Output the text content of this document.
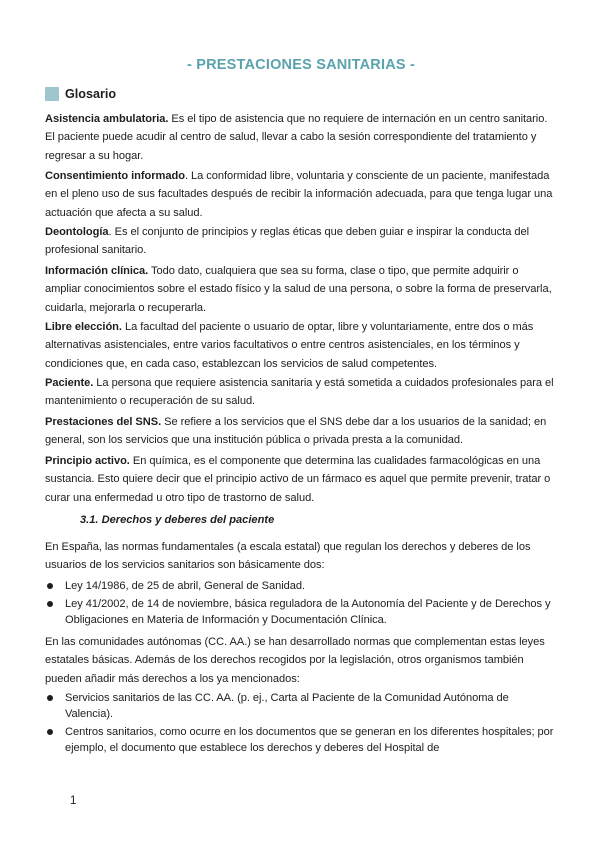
- PRESTACIONES SANITARIAS -
Glosario

Asistencia ambulatoria. Es el tipo de asistencia que no requiere de internación en un centro sanitario. El paciente puede acudir al centro de salud, llevar a cabo la sesión correspondiente del tratamiento y regresar a su hogar.

Consentimiento informado. La conformidad libre, voluntaria y consciente de un paciente, manifestada en el pleno uso de sus facultades después de recibir la información adecuada, para que tenga lugar una actuación que afecta a su salud.

Deontología. Es el conjunto de principios y reglas éticas que deben guiar e inspirar la conducta del profesional sanitario.

Información clínica. Todo dato, cualquiera que sea su forma, clase o tipo, que permite adquirir o ampliar conocimientos sobre el estado físico y la salud de una persona, o sobre la forma de preservarla, cuidarla, mejorarla o recuperarla.

Libre elección. La facultad del paciente o usuario de optar, libre y voluntariamente, entre dos o más alternativas asistenciales, entre varios facultativos o entre centros asistenciales, en los términos y condiciones que, en cada caso, establezcan los servicios de salud competentes.

Paciente. La persona que requiere asistencia sanitaria y está sometida a cuidados profesionales para el mantenimiento o recuperación de su salud.

Prestaciones del SNS. Se refiere a los servicios que el SNS debe dar a los usuarios de la sanidad; en general, son los servicios que una institución pública o privada presta a la comunidad.

Principio activo. En química, es el componente que determina las cualidades farmacológicas en una sustancia. Esto quiere decir que el principio activo de un fármaco es aquel que permite prevenir, tratar o curar una enfermedad u otro tipo de trastorno de salud.

3.1. Derechos y deberes del paciente

En España, las normas fundamentales (a escala estatal) que regulan los derechos y deberes de los usuarios de los servicios sanitarios son básicamente dos:

Ley 14/1986, de 25 de abril, General de Sanidad.
Ley 41/2002, de 14 de noviembre, básica reguladora de la Autonomía del Paciente y de Derechos y Obligaciones en Materia de Información y Documentación Clínica.

En las comunidades autónomas (CC. AA.) se han desarrollado normas que complementan estas leyes estatales básicas. Además de los derechos recogidos por la legislación, otros organismos también pueden añadir más derechos a los ya mencionados:

Servicios sanitarios de las CC. AA. (p. ej., Carta al Paciente de la Comunidad Autónoma de Valencia).
Centros sanitarios, como ocurre en los documentos que se generan en los diferentes hospitales; por ejemplo, el documento que establece los derechos y deberes del Hospital de
1
